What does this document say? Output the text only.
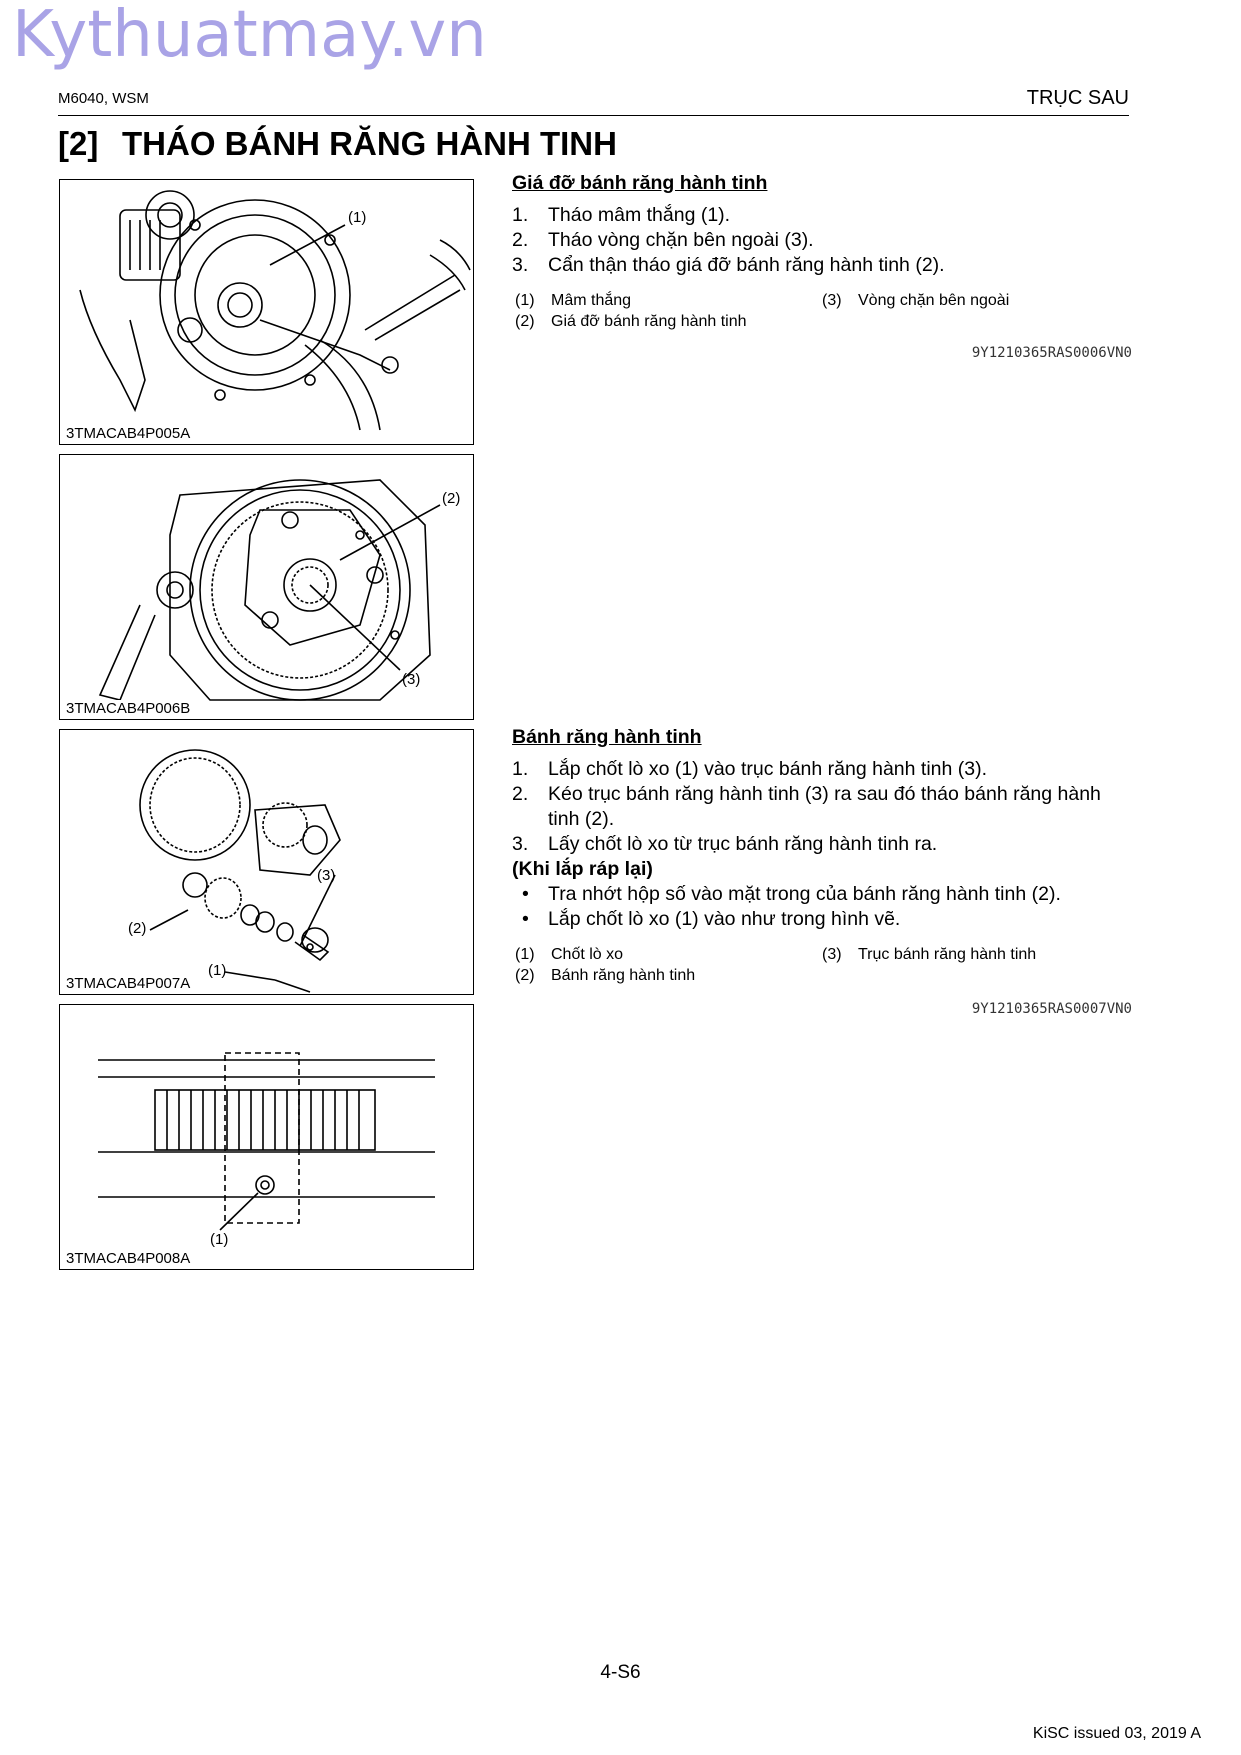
Kythuatmay.vn
M6040, WSM	TRỤC SAU
[2] THÁO BÁNH RĂNG HÀNH TINH
(1)
3TMACAB4P005A
(2)
(3)
3TMACAB4P006B
(3)
(2)
(1)
3TMACAB4P007A
(1)
3TMACAB4P008A
Giá đỡ bánh răng hành tinh
1. Tháo mâm thắng (1).
2. Tháo vòng chặn bên ngoài (3).
3. Cẩn thận tháo giá đỡ bánh răng hành tinh (2).
(1) Mâm thắng	(3) Vòng chặn bên ngoài
(2) Giá đỡ bánh răng hành tinh
9Y1210365RAS0006VN0
Bánh răng hành tinh
1. Lắp chốt lò xo (1) vào trục bánh răng hành tinh (3).
2. Kéo trục bánh răng hành tinh (3) ra sau đó tháo bánh răng hành tinh (2).
3. Lấy chốt lò xo từ trục bánh răng hành tinh ra.
(Khi lắp ráp lại)
• Tra nhớt hộp số vào mặt trong của bánh răng hành tinh (2).
• Lắp chốt lò xo (1) vào như trong hình vẽ.
(1) Chốt lò xo	(3) Trục bánh răng hành tinh
(2) Bánh răng hành tinh
9Y1210365RAS0007VN0
4-S6
KiSC issued 03, 2019 A
